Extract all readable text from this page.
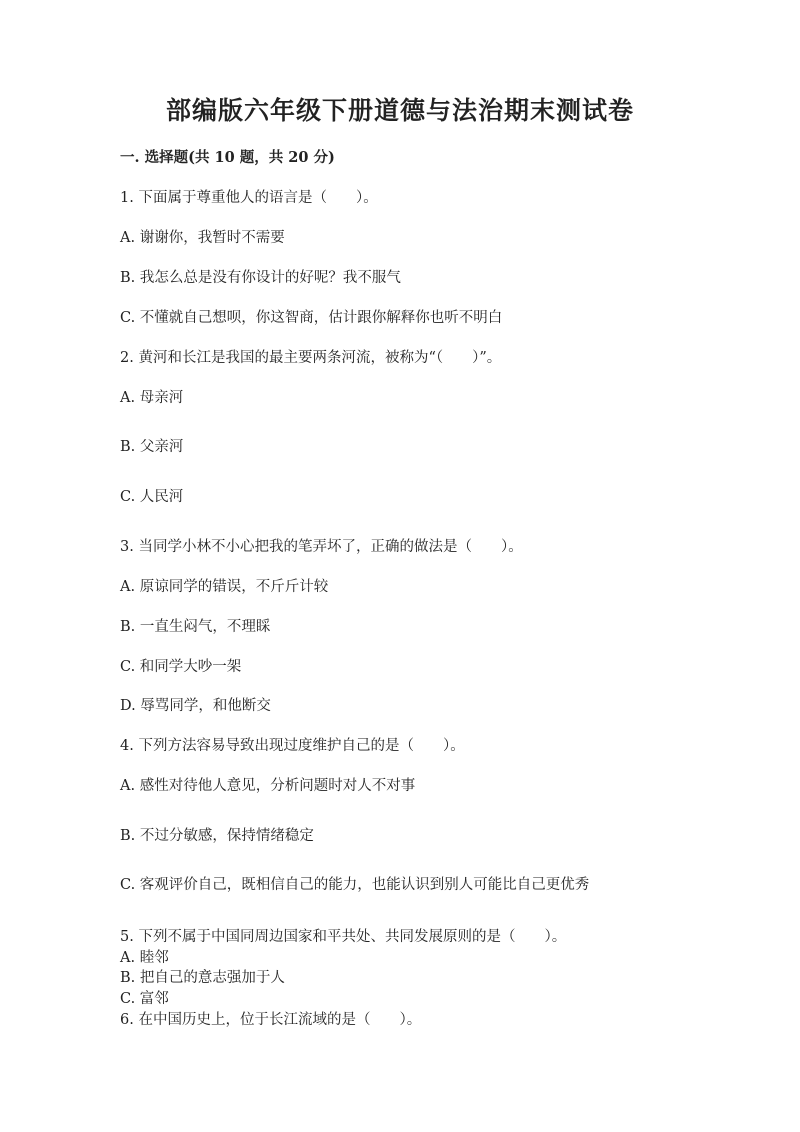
部编版六年级下册道德与法治期末测试卷
一. 选择题(共 10 题，共 20 分)
1. 下面属于尊重他人的语言是（　　）。
A. 谢谢你，我暂时不需要
B. 我怎么总是没有你设计的好呢？我不服气
C. 不懂就自己想呗，你这智商，估计跟你解释你也听不明白
2. 黄河和长江是我国的最主要两条河流，被称为“（　　）”。
A. 母亲河
B. 父亲河
C. 人民河
3. 当同学小林不小心把我的笔弄坏了，正确的做法是（　　）。
A. 原谅同学的错误，不斤斤计较
B. 一直生闷气，不理睬
C. 和同学大吵一架
D. 辱骂同学，和他断交
4. 下列方法容易导致出现过度维护自己的是（　　）。
A. 感性对待他人意见，分析问题时对人不对事
B. 不过分敏感，保持情绪稳定
C. 客观评价自己，既相信自己的能力，也能认识到别人可能比自己更优秀
5. 下列不属于中国同周边国家和平共处、共同发展原则的是（　　）。
A. 睦邻
B. 把自己的意志强加于人
C. 富邻
6. 在中国历史上，位于长江流域的是（　　）。
